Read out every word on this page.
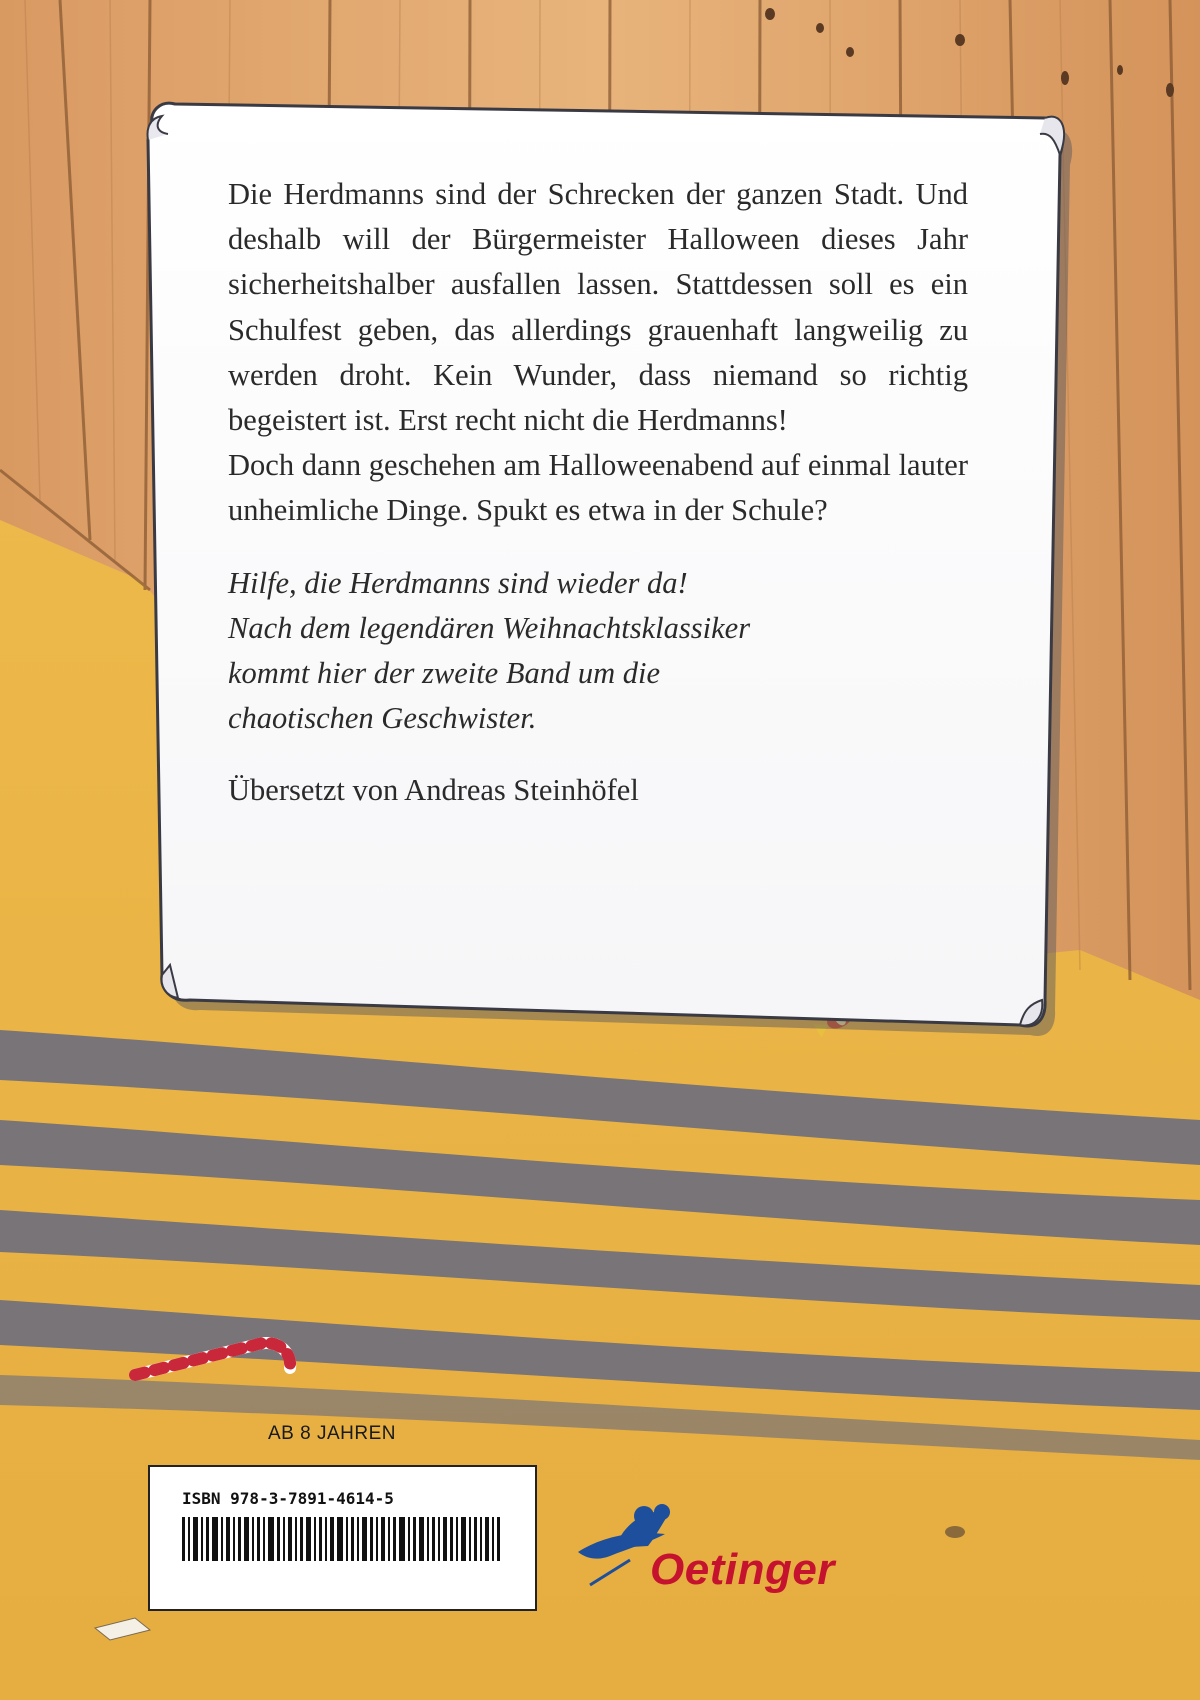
Die Herdmanns sind der Schrecken der ganzen Stadt. Und deshalb will der Bürgermeister Halloween dieses Jahr sicherheitshalber ausfallen lassen. Stattdessen soll es ein Schulfest geben, das allerdings grauenhaft langweilig zu werden droht. Kein Wunder, dass niemand so richtig begeistert ist. Erst recht nicht die Herdmanns!
Doch dann geschehen am Halloweenabend auf einmal lauter unheimliche Dinge. Spukt es etwa in der Schule?

Hilfe, die Herdmanns sind wieder da!
Nach dem legendären Weihnachtsklassiker
kommt hier der zweite Band um die
chaotischen Geschwister.

Übersetzt von Andreas Steinhöfel

AB 8 JAHREN
ISBN 978-3-7891-4614-5
Oetinger
